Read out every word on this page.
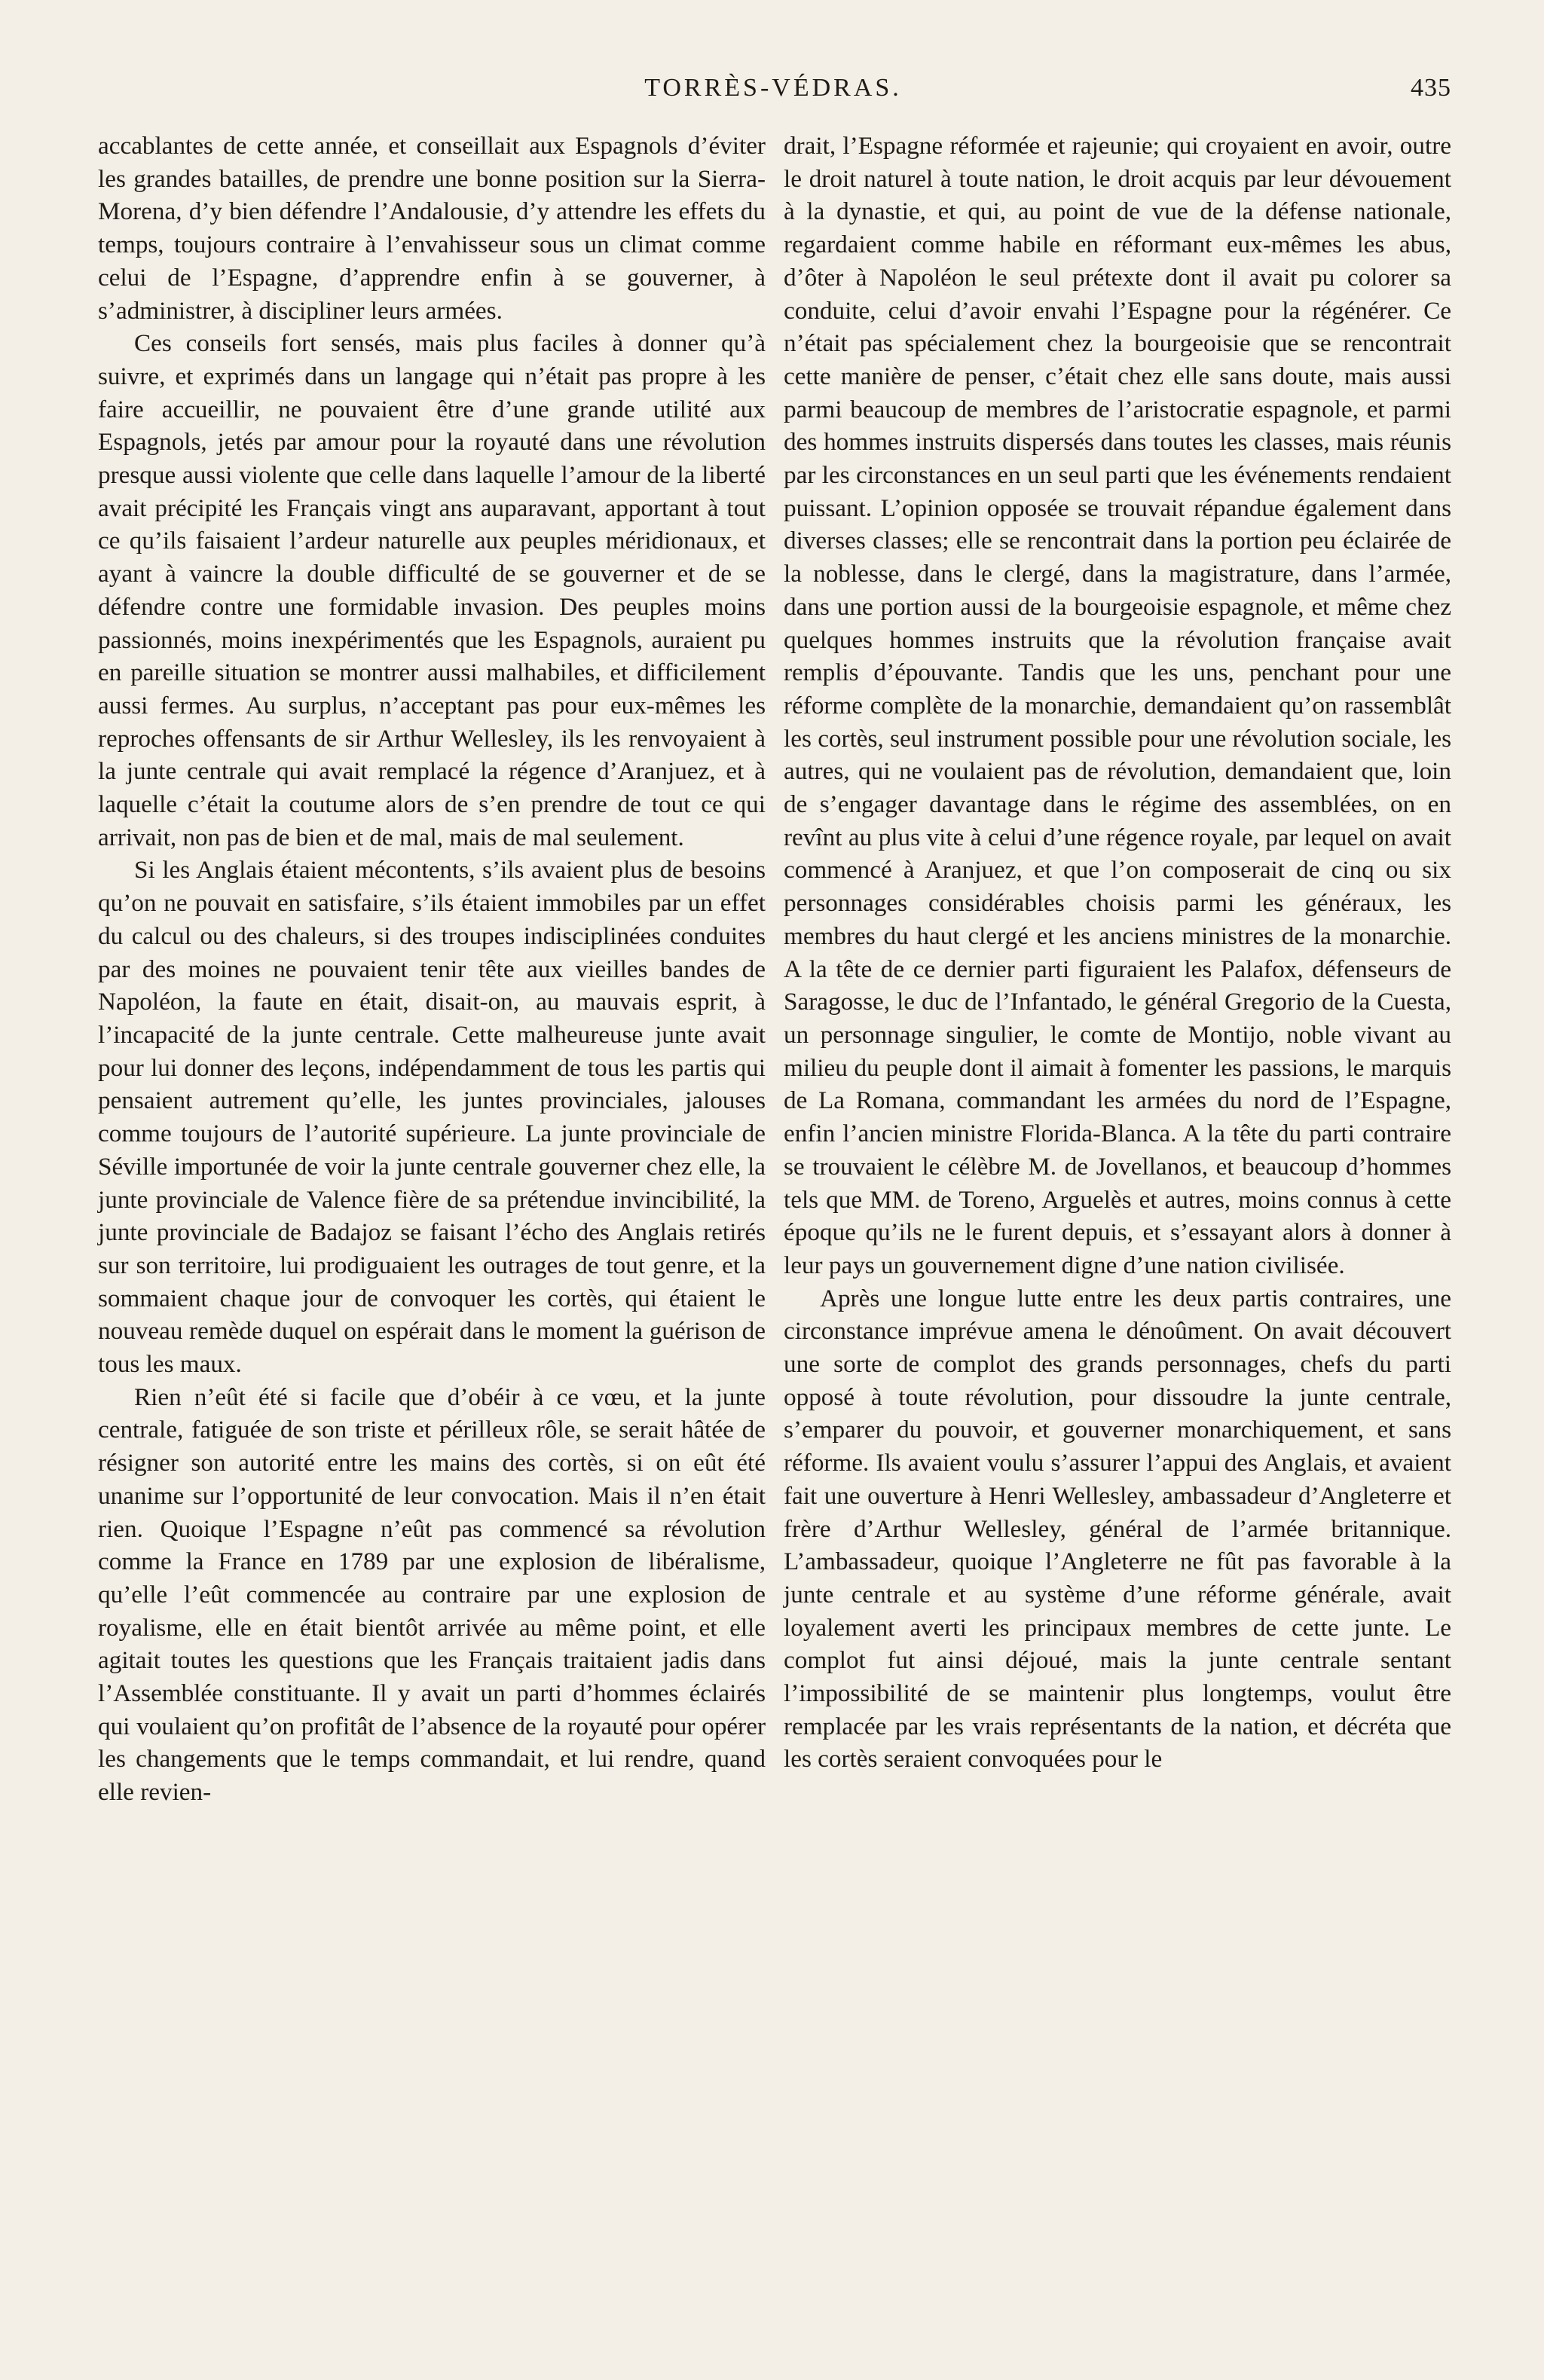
TORRÈS-VÉDRAS.	435

accablantes de cette année, et conseillait aux Espagnols d’éviter les grandes batailles, de prendre une bonne position sur la Sierra-Morena, d’y bien défendre l’Andalousie, d’y attendre les effets du temps, toujours contraire à l’envahisseur sous un climat comme celui de l’Espagne, d’apprendre enfin à se gouverner, à s’administrer, à discipliner leurs armées.

Ces conseils fort sensés, mais plus faciles à donner qu’à suivre, et exprimés dans un langage qui n’était pas propre à les faire accueillir, ne pouvaient être d’une grande utilité aux Espagnols, jetés par amour pour la royauté dans une révolution presque aussi violente que celle dans laquelle l’amour de la liberté avait précipité les Français vingt ans auparavant, apportant à tout ce qu’ils faisaient l’ardeur naturelle aux peuples méridionaux, et ayant à vaincre la double difficulté de se gouverner et de se défendre contre une formidable invasion. Des peuples moins passionnés, moins inexpérimentés que les Espagnols, auraient pu en pareille situation se montrer aussi malhabiles, et difficilement aussi fermes. Au surplus, n’acceptant pas pour eux-mêmes les reproches offensants de sir Arthur Wellesley, ils les renvoyaient à la junte centrale qui avait remplacé la régence d’Aranjuez, et à laquelle c’était la coutume alors de s’en prendre de tout ce qui arrivait, non pas de bien et de mal, mais de mal seulement.

Si les Anglais étaient mécontents, s’ils avaient plus de besoins qu’on ne pouvait en satisfaire, s’ils étaient immobiles par un effet du calcul ou des chaleurs, si des troupes indisciplinées conduites par des moines ne pouvaient tenir tête aux vieilles bandes de Napoléon, la faute en était, disait-on, au mauvais esprit, à l’incapacité de la junte centrale. Cette malheureuse junte avait pour lui donner des leçons, indépendamment de tous les partis qui pensaient autrement qu’elle, les juntes provinciales, jalouses comme toujours de l’autorité supérieure. La junte provinciale de Séville importunée de voir la junte centrale gouverner chez elle, la junte provinciale de Valence fière de sa prétendue invincibilité, la junte provinciale de Badajoz se faisant l’écho des Anglais retirés sur son territoire, lui prodiguaient les outrages de tout genre, et la sommaient chaque jour de convoquer les cortès, qui étaient le nouveau remède duquel on espérait dans le moment la guérison de tous les maux.

Rien n’eût été si facile que d’obéir à ce vœu, et la junte centrale, fatiguée de son triste et périlleux rôle, se serait hâtée de résigner son autorité entre les mains des cortès, si on eût été unanime sur l’opportunité de leur convocation. Mais il n’en était rien. Quoique l’Espagne n’eût pas commencé sa révolution comme la France en 1789 par une explosion de libéralisme, qu’elle l’eût commencée au contraire par une explosion de royalisme, elle en était bientôt arrivée au même point, et elle agitait toutes les questions que les Français traitaient jadis dans l’Assemblée constituante. Il y avait un parti d’hommes éclairés qui voulaient qu’on profitât de l’absence de la royauté pour opérer les changements que le temps commandait, et lui rendre, quand elle revien-

drait, l’Espagne réformée et rajeunie; qui croyaient en avoir, outre le droit naturel à toute nation, le droit acquis par leur dévouement à la dynastie, et qui, au point de vue de la défense nationale, regardaient comme habile en réformant eux-mêmes les abus, d’ôter à Napoléon le seul prétexte dont il avait pu colorer sa conduite, celui d’avoir envahi l’Espagne pour la régénérer. Ce n’était pas spécialement chez la bourgeoisie que se rencontrait cette manière de penser, c’était chez elle sans doute, mais aussi parmi beaucoup de membres de l’aristocratie espagnole, et parmi des hommes instruits dispersés dans toutes les classes, mais réunis par les circonstances en un seul parti que les événements rendaient puissant. L’opinion opposée se trouvait répandue également dans diverses classes; elle se rencontrait dans la portion peu éclairée de la noblesse, dans le clergé, dans la magistrature, dans l’armée, dans une portion aussi de la bourgeoisie espagnole, et même chez quelques hommes instruits que la révolution française avait remplis d’épouvante. Tandis que les uns, penchant pour une réforme complète de la monarchie, demandaient qu’on rassemblât les cortès, seul instrument possible pour une révolution sociale, les autres, qui ne voulaient pas de révolution, demandaient que, loin de s’engager davantage dans le régime des assemblées, on en revînt au plus vite à celui d’une régence royale, par lequel on avait commencé à Aranjuez, et que l’on composerait de cinq ou six personnages considérables choisis parmi les généraux, les membres du haut clergé et les anciens ministres de la monarchie. A la tête de ce dernier parti figuraient les Palafox, défenseurs de Saragosse, le duc de l’Infantado, le général Gregorio de la Cuesta, un personnage singulier, le comte de Montijo, noble vivant au milieu du peuple dont il aimait à fomenter les passions, le marquis de La Romana, commandant les armées du nord de l’Espagne, enfin l’ancien ministre Florida-Blanca. A la tête du parti contraire se trouvaient le célèbre M. de Jovellanos, et beaucoup d’hommes tels que MM. de Toreno, Arguelès et autres, moins connus à cette époque qu’ils ne le furent depuis, et s’essayant alors à donner à leur pays un gouvernement digne d’une nation civilisée.

Après une longue lutte entre les deux partis contraires, une circonstance imprévue amena le dénoûment. On avait découvert une sorte de complot des grands personnages, chefs du parti opposé à toute révolution, pour dissoudre la junte centrale, s’emparer du pouvoir, et gouverner monarchiquement, et sans réforme. Ils avaient voulu s’assurer l’appui des Anglais, et avaient fait une ouverture à Henri Wellesley, ambassadeur d’Angleterre et frère d’Arthur Wellesley, général de l’armée britannique. L’ambassadeur, quoique l’Angleterre ne fût pas favorable à la junte centrale et au système d’une réforme générale, avait loyalement averti les principaux membres de cette junte. Le complot fut ainsi déjoué, mais la junte centrale sentant l’impossibilité de se maintenir plus longtemps, voulut être remplacée par les vrais représentants de la nation, et décréta que les cortès seraient convoquées pour le
